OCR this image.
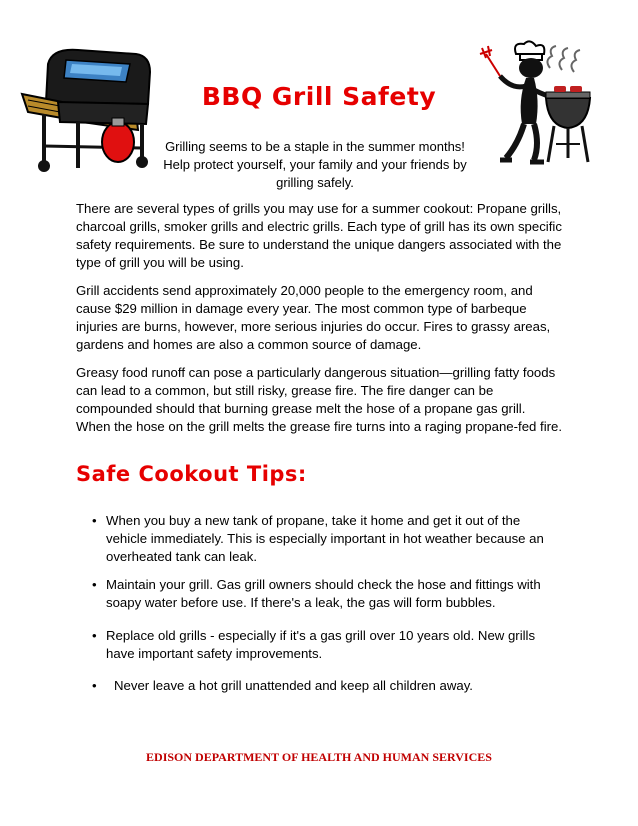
BBQ Grill Safety
Grilling seems to be a staple in the summer months! Help protect yourself, your family and your friends by grilling safely.
There are several types of grills you may use for a summer cookout: Propane grills, charcoal grills, smoker grills and electric grills. Each type of grill has its own specific safety requirements. Be sure to understand the unique dangers associated with the type of grill you will be using.
Grill accidents send approximately 20,000 people to the emergency room, and cause $29 million in damage every year. The most common type of barbeque injuries are burns, however, more serious injuries do occur. Fires to grassy areas, gardens and homes are also a common source of damage.
Greasy food runoff can pose a particularly dangerous situation—grilling fatty foods can lead to a common, but still risky, grease fire. The fire danger can be compounded should that burning grease melt the hose of a propane gas grill. When the hose on the grill melts the grease fire turns into a raging propane-fed fire.
Safe Cookout Tips:
• When you buy a new tank of propane, take it home and get it out of the vehicle immediately. This is especially important in hot weather because an overheated tank can leak.
• Maintain your grill. Gas grill owners should check the hose and fittings with soapy water before use. If there's a leak, the gas will form bubbles.
• Replace old grills - especially if it's a gas grill over 10 years old. New grills have important safety improvements.
•	Never leave a hot grill unattended and keep all children away.
EDISON DEPARTMENT OF HEALTH AND HUMAN SERVICES
